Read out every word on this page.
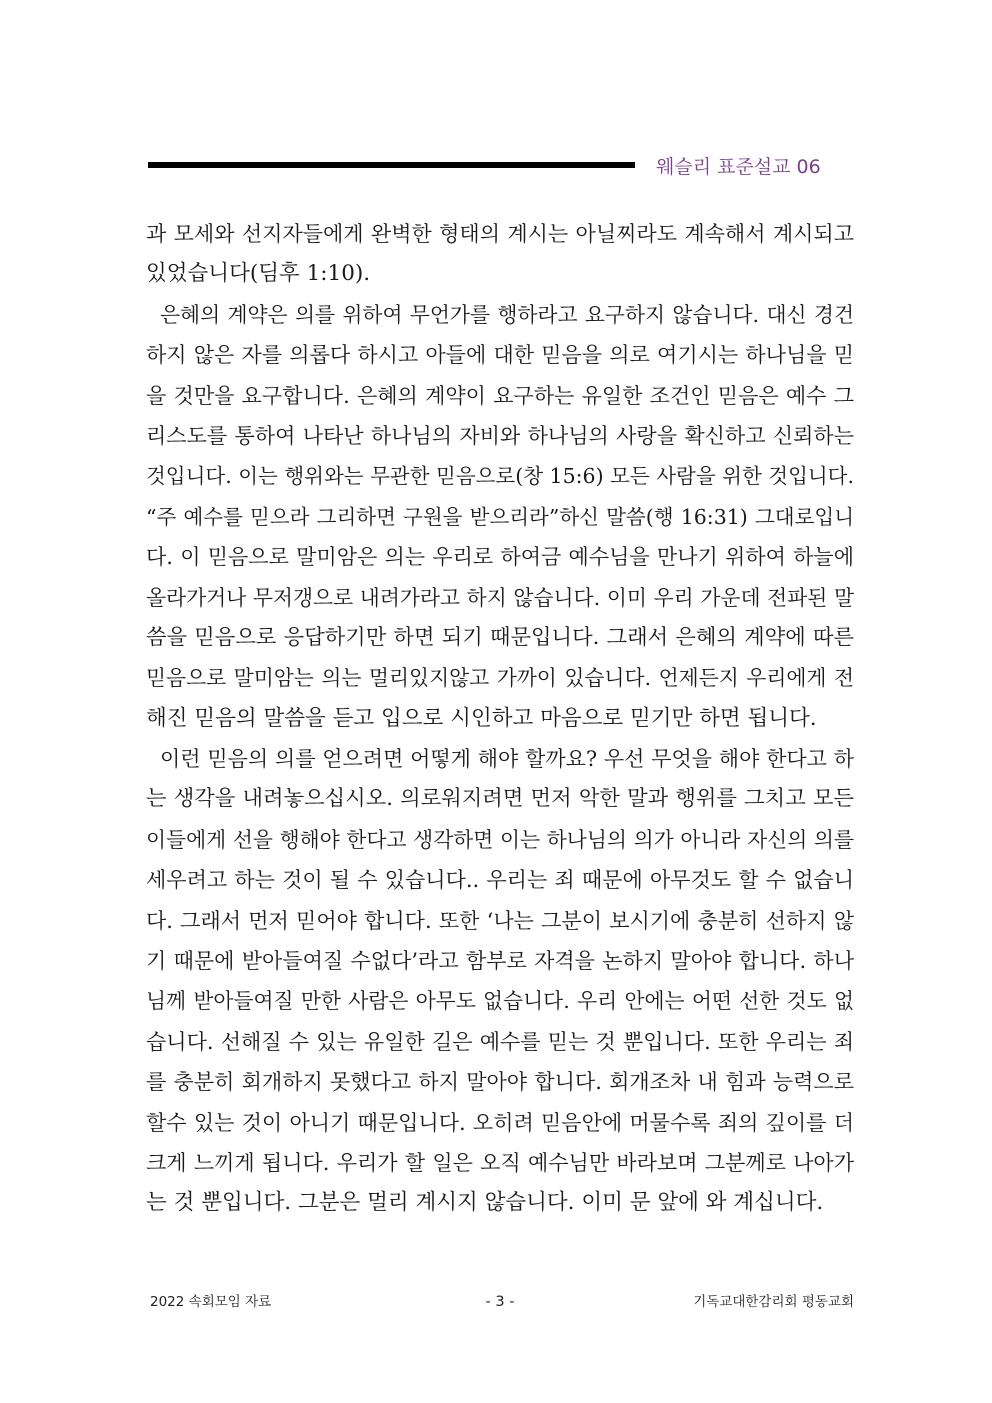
웨슬리 표준설교 06
과 모세와 선지자들에게 완벽한 형태의 계시는 아닐찌라도 계속해서 계시되고
있었습니다(딤후 1:10).
은혜의 계약은 의를 위하여 무언가를 행하라고 요구하지 않습니다. 대신 경건
하지 않은 자를 의롭다 하시고 아들에 대한 믿음을 의로 여기시는 하나님을 믿
을 것만을 요구합니다. 은혜의 계약이 요구하는 유일한 조건인 믿음은 예수 그
리스도를 통하여 나타난 하나님의 자비와 하나님의 사랑을 확신하고 신뢰하는
것입니다. 이는 행위와는 무관한 믿음으로(창 15:6) 모든 사람을 위한 것입니다.
“주 예수를 믿으라 그리하면 구원을 받으리라”하신 말씀(행 16:31) 그대로입니
다. 이 믿음으로 말미암은 의는 우리로 하여금 예수님을 만나기 위하여 하늘에
올라가거나 무저갱으로 내려가라고 하지 않습니다. 이미 우리 가운데 전파된 말
씀을 믿음으로 응답하기만 하면 되기 때문입니다. 그래서 은혜의 계약에 따른
믿음으로 말미암는 의는 멀리있지않고 가까이 있습니다. 언제든지 우리에게 전
해진 믿음의 말씀을 듣고 입으로 시인하고 마음으로 믿기만 하면 됩니다.
이런 믿음의 의를 얻으려면 어떻게 해야 할까요? 우선 무엇을 해야 한다고 하
는 생각을 내려놓으십시오. 의로워지려면 먼저 악한 말과 행위를 그치고 모든
이들에게 선을 행해야 한다고 생각하면 이는 하나님의 의가 아니라 자신의 의를
세우려고 하는 것이 될 수 있습니다.. 우리는 죄 때문에 아무것도 할 수 없습니
다. 그래서 먼저 믿어야 합니다. 또한 ‘나는 그분이 보시기에 충분히 선하지 않
기 때문에 받아들여질 수없다’라고 함부로 자격을 논하지 말아야 합니다. 하나
님께 받아들여질 만한 사람은 아무도 없습니다. 우리 안에는 어떤 선한 것도 없
습니다. 선해질 수 있는 유일한 길은 예수를 믿는 것 뿐입니다. 또한 우리는 죄
를 충분히 회개하지 못했다고 하지 말아야 합니다. 회개조차 내 힘과 능력으로
할수 있는 것이 아니기 때문입니다. 오히려 믿음안에 머물수록 죄의 깊이를 더
크게 느끼게 됩니다. 우리가 할 일은 오직 예수님만 바라보며 그분께로 나아가
는 것 뿐입니다. 그분은 멀리 계시지 않습니다. 이미 문 앞에 와 계십니다.
2022 속회모임 자료	- 3 -	기독교대한감리회 평동교회
